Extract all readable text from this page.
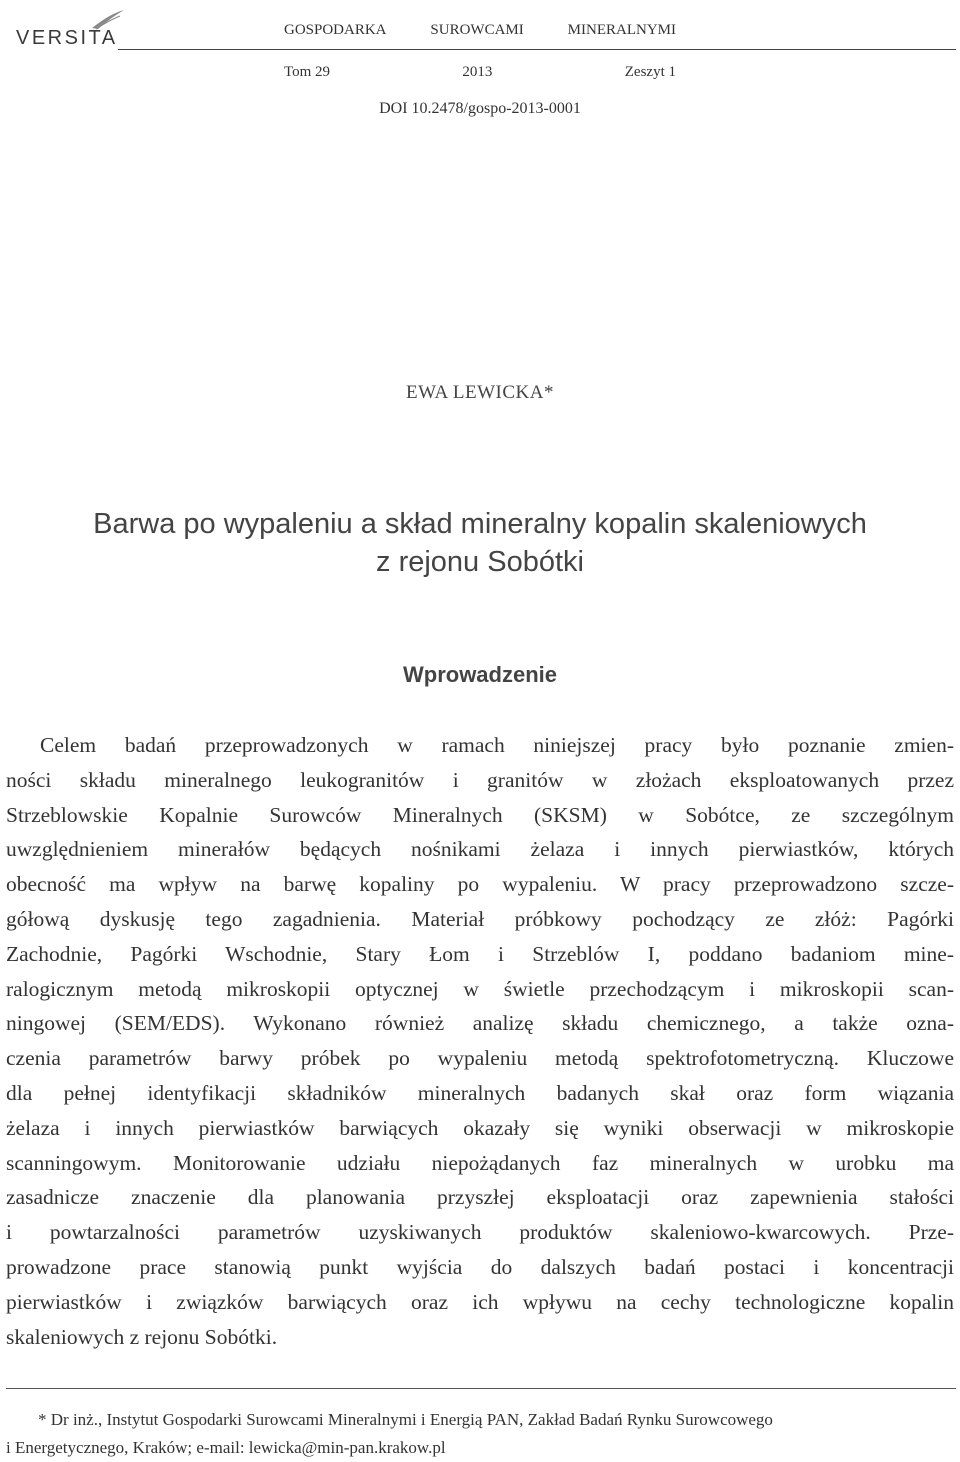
VERSITA	GOSPODARKA	SUROWCAMI	MINERALNYMI
Tom 29	2013	Zeszyt 1
DOI 10.2478/gospo-2013-0001
EWA LEWICKA*
Barwa po wypaleniu a skład mineralny kopalin skaleniowych
z rejonu Sobótki
Wprowadzenie
Celem badań przeprowadzonych w ramach niniejszej pracy było poznanie zmien-
ności składu mineralnego leukogranitów i granitów w złożach eksploatowanych przez
Strzeblowskie Kopalnie Surowców Mineralnych (SKSM) w Sobótce, ze szczególnym
uwzględnieniem minerałów będących nośnikami żelaza i innych pierwiastków, których
obecność ma wpływ na barwę kopaliny po wypaleniu. W pracy przeprowadzono szcze-
gółową dyskusję tego zagadnienia. Materiał próbkowy pochodzący ze złóż: Pagórki
Zachodnie, Pagórki Wschodnie, Stary Łom i Strzeblów I, poddano badaniom mine-
ralogicznym metodą mikroskopii optycznej w świetle przechodzącym i mikroskopii scan-
ningowej (SEM/EDS). Wykonano również analizę składu chemicznego, a także ozna-
czenia parametrów barwy próbek po wypaleniu metodą spektrofotometryczną. Kluczowe
dla pełnej identyfikacji składników mineralnych badanych skał oraz form wiązania
żelaza i innych pierwiastków barwiących okazały się wyniki obserwacji w mikroskopie
scanningowym. Monitorowanie udziału niepożądanych faz mineralnych w urobku ma
zasadnicze znaczenie dla planowania przyszłej eksploatacji oraz zapewnienia stałości
i powtarzalności parametrów uzyskiwanych produktów skaleniowo-kwarcowych. Prze-
prowadzone prace stanowią punkt wyjścia do dalszych badań postaci i koncentracji
pierwiastków i związków barwiących oraz ich wpływu na cechy technologiczne kopalin
skaleniowych z rejonu Sobótki.
* Dr inż., Instytut Gospodarki Surowcami Mineralnymi i Energią PAN, Zakład Badań Rynku Surowcowego
i Energetycznego, Kraków; e-mail: lewicka@min-pan.krakow.pl
